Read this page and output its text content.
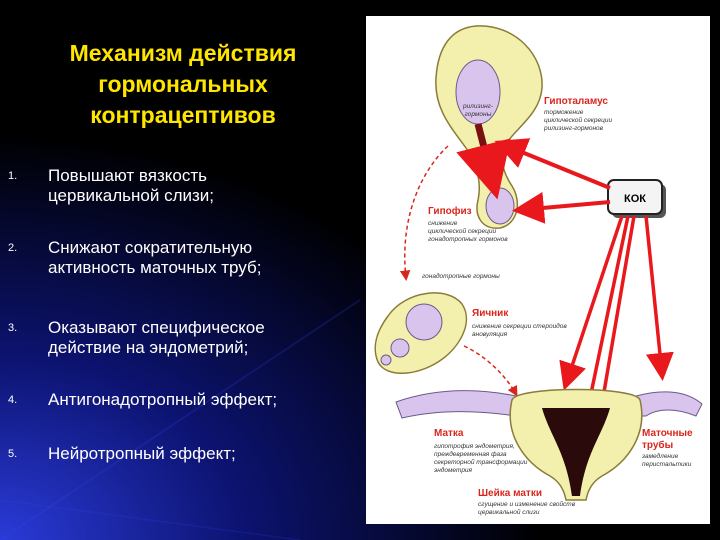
Механизм действия
гормональных
контрацептивов
1. Повышают вязкость
цервикальной слизи;
2. Снижают сократительную
активность маточных труб;
3. Оказывают специфическое
действие на эндометрий;
4. Антигонадотропный эффект;
5. Нейротропный эффект;
рилизинг-
гормоны
КОК
Гипоталамус
торможение
циклической секреции
рилизинг-гормонов
Гипофиз
снижение
циклической секреции
гонадотропных гормонов
гонадотропные гормоны
Яичник
снижение секреции стероидов
ановуляция
Матка
гипотрофия эндометрия,
преждевременная фаза
секреторной трансформации
эндометрия
Маточные
трубы
замедление
перистальтики
Шейка матки
сгущение и изменение свойств
цервикальной слизи
